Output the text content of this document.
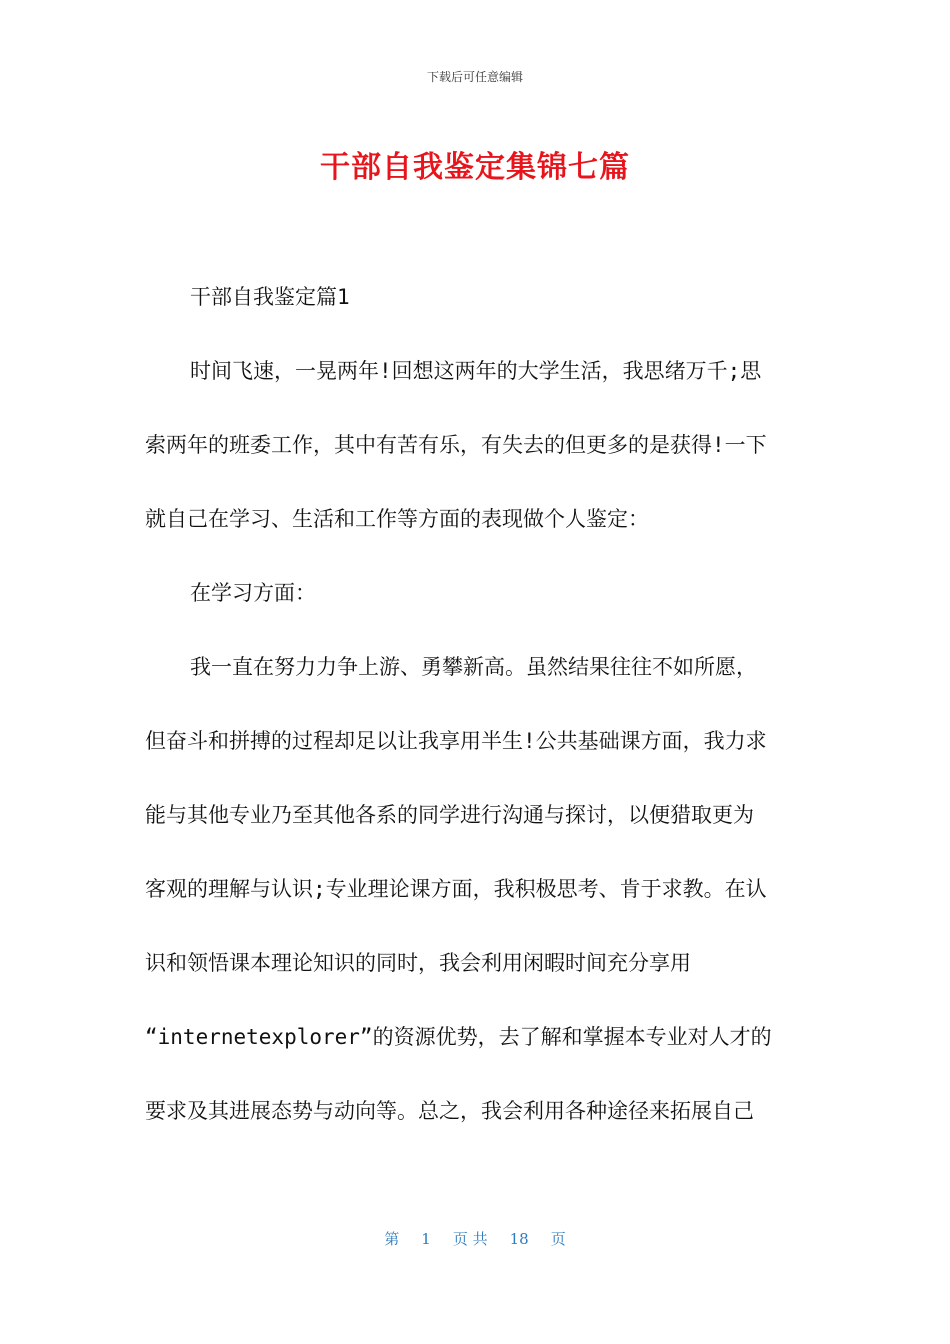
下载后可任意编辑
干部自我鉴定集锦七篇
干部自我鉴定篇1
时间飞速，一晃两年!回想这两年的大学生活，我思绪万千;思
索两年的班委工作，其中有苦有乐，有失去的但更多的是获得!一下
就自己在学习、生活和工作等方面的表现做个人鉴定：
在学习方面：
我一直在努力力争上游、勇攀新高。虽然结果往往不如所愿，
但奋斗和拼搏的过程却足以让我享用半生!公共基础课方面，我力求
能与其他专业乃至其他各系的同学进行沟通与探讨，以便猎取更为
客观的理解与认识;专业理论课方面，我积极思考、肯于求教。在认
识和领悟课本理论知识的同时，我会利用闲暇时间充分享用
“internetexplorer”的资源优势，去了解和掌握本专业对人才的
要求及其进展态势与动向等。总之，我会利用各种途径来拓展自己
第 1 页 共 18 页
